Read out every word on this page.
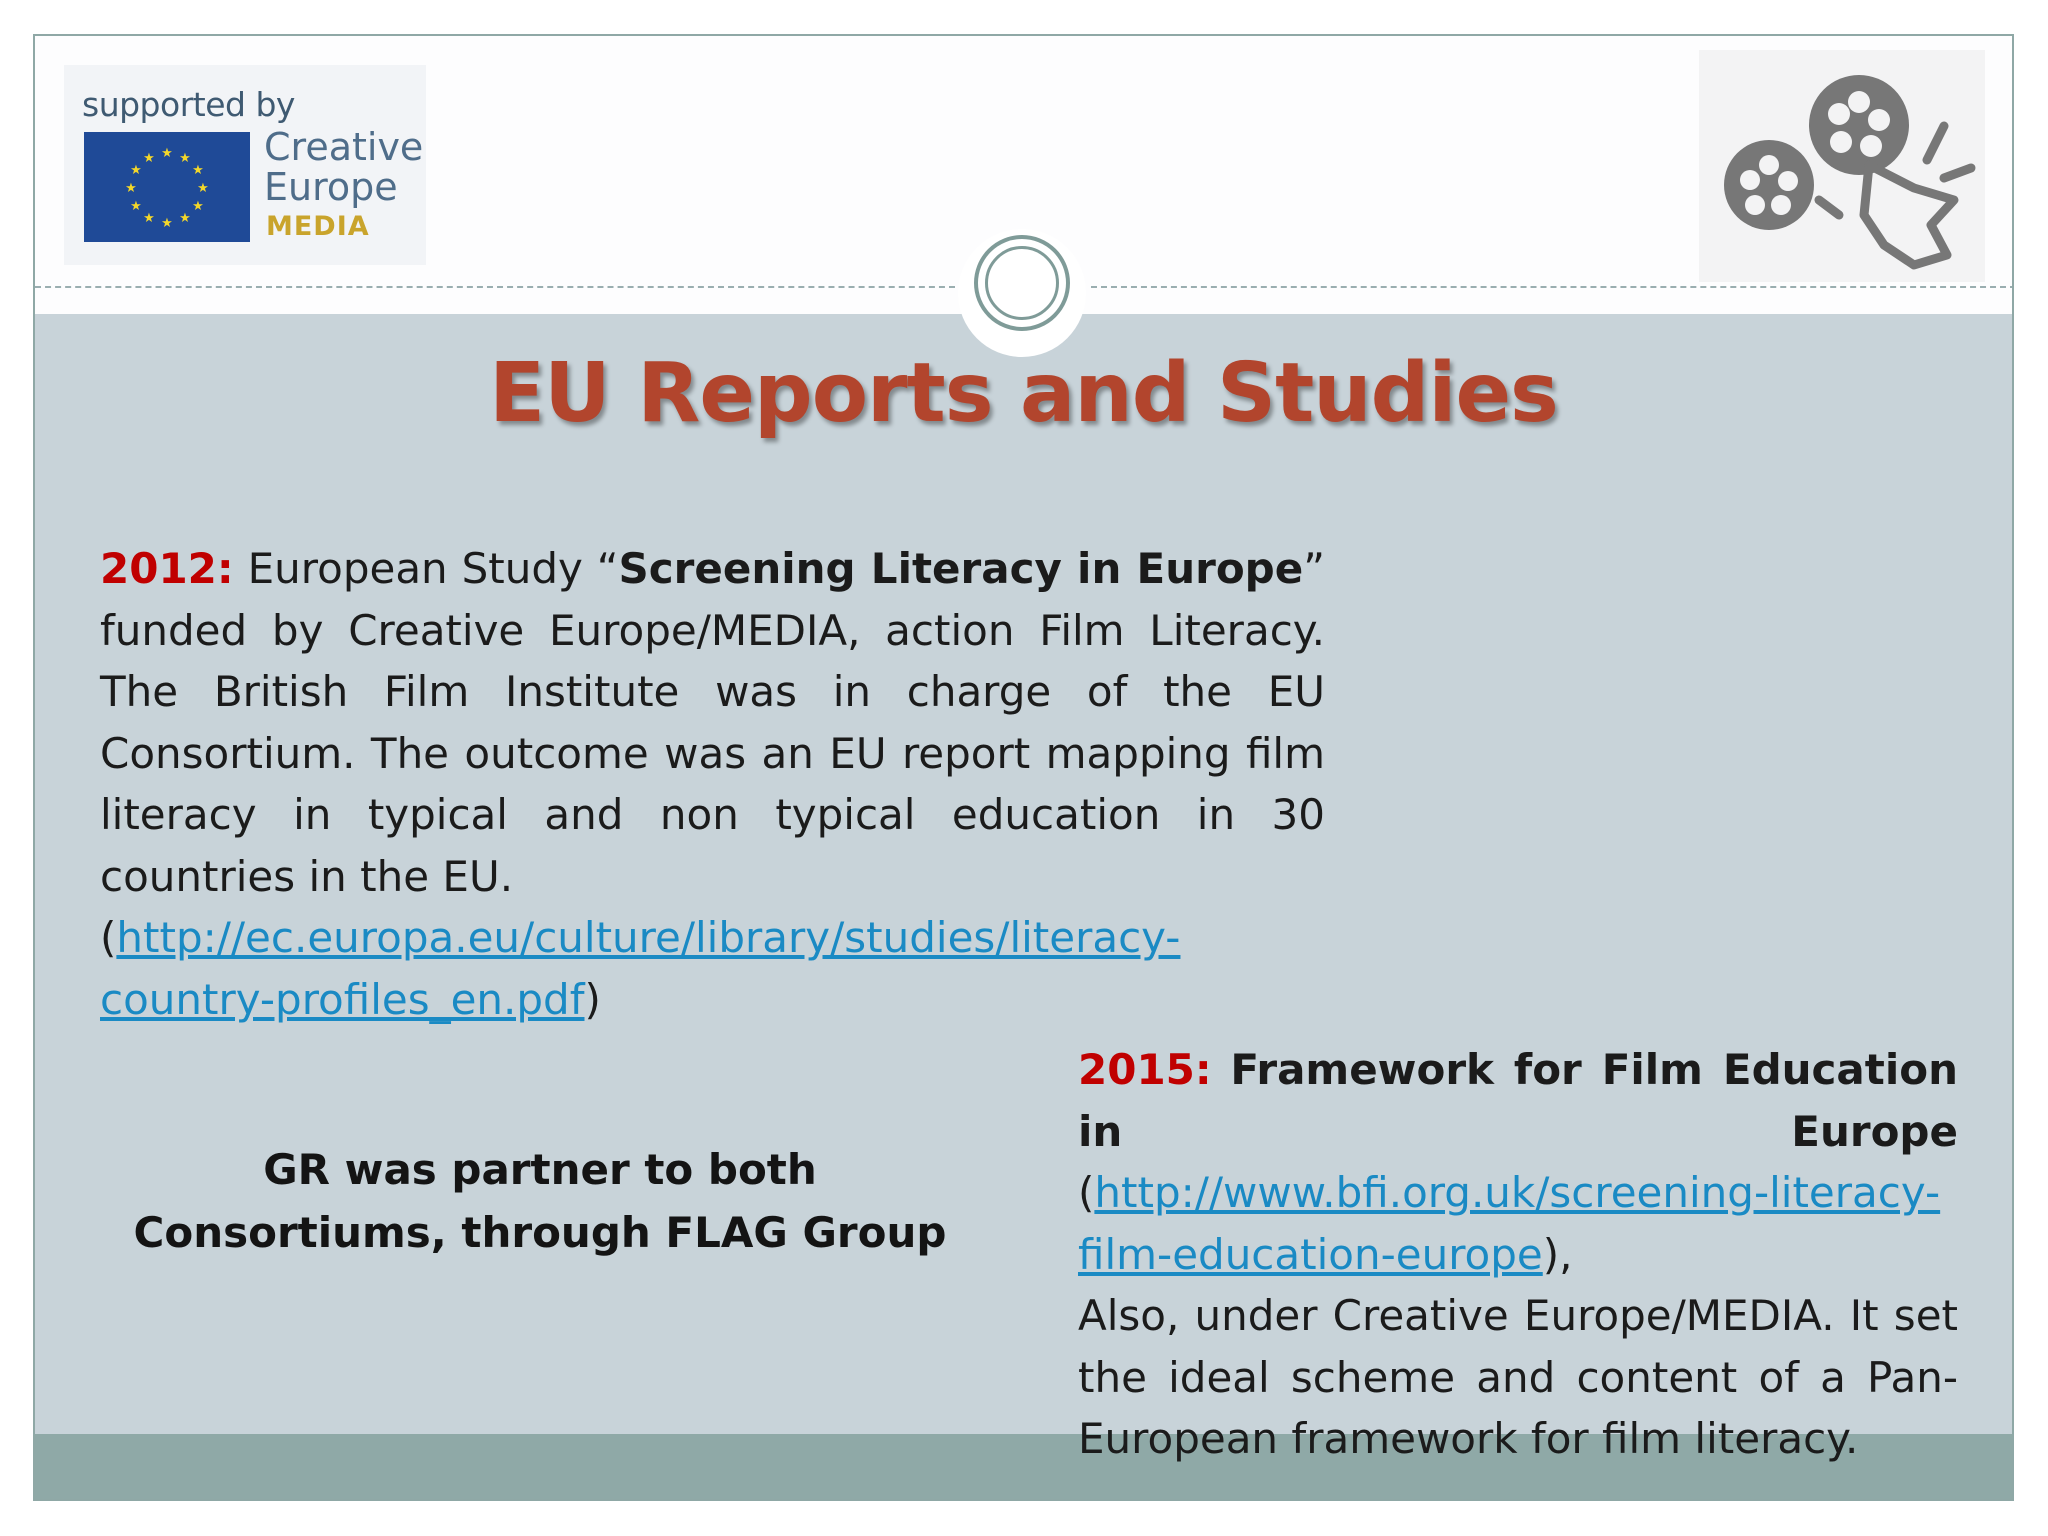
supported by
★ ★
★
★
★
★
★
★
★
★
★
★	Creative
Europe
MEDIA
EU Reports and Studies
2012: European Study “Screening Literacy in Europe” funded by Creative Europe/MEDIA, action Film Literacy. The British Film Institute was in charge of the EU Consortium. The outcome was an EU report mapping film literacy in typical and non typical education in 30 countries in the EU.
(http://ec.europa.eu/culture/library/studies/literacy-country-profiles_en.pdf)
GR was partner to both Consortiums, through FLAG Group
2015: Framework for Film Education in Europe (http://www.bfi.org.uk/screening-literacy-film-education-europe),
Also, under Creative Europe/MEDIA. It set the ideal scheme and content of a Pan-European framework for film literacy.
